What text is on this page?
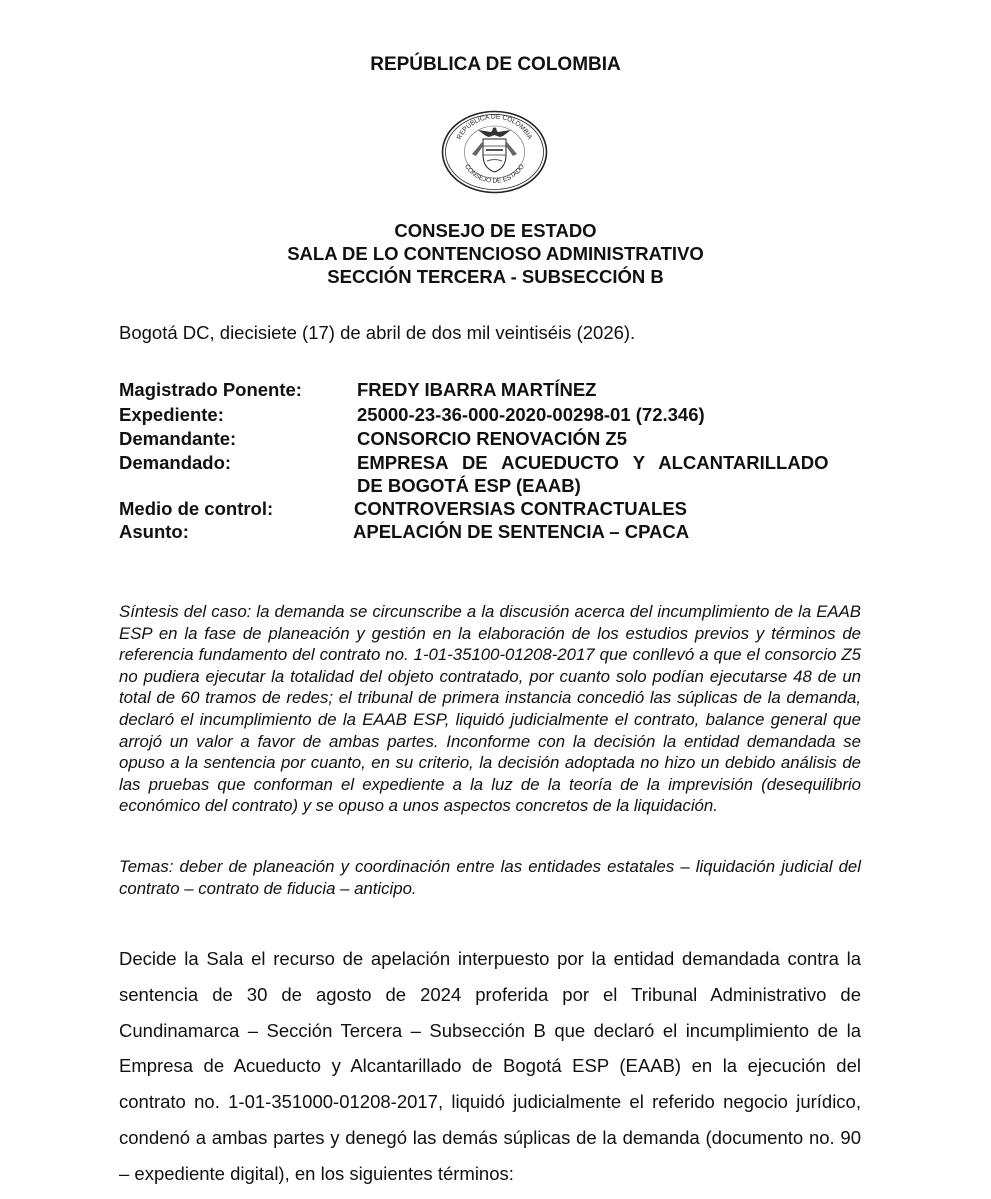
REPÚBLICA DE COLOMBIA
REPÚBLICA DE COLOMBIA
CONSEJO DE ESTADO
CONSEJO DE ESTADO
SALA DE LO CONTENCIOSO ADMINISTRATIVO
SECCIÓN TERCERA - SUBSECCIÓN B
Bogotá DC, diecisiete (17) de abril de dos mil veintiséis (2026).
Magistrado Ponente:	FREDY IBARRA MARTÍNEZ
Expediente:	25000-23-36-000-2020-00298-01 (72.346)
Demandante:	CONSORCIO RENOVACIÓN Z5
Demandado:	EMPRESA DE ACUEDUCTO Y ALCANTARILLADO
DE BOGOTÁ ESP (EAAB)
Medio de control:	CONTROVERSIAS CONTRACTUALES
Asunto:	APELACIÓN DE SENTENCIA – CPACA
Síntesis del caso: la demanda se circunscribe a la discusión acerca del incumplimiento de la EAAB ESP en la fase de planeación y gestión en la elaboración de los estudios previos y términos de referencia fundamento del contrato no. 1-01-35100-01208-2017 que conllevó a que el consorcio Z5 no pudiera ejecutar la totalidad del objeto contratado, por cuanto solo podían ejecutarse 48 de un total de 60 tramos de redes; el tribunal de primera instancia concedió las súplicas de la demanda, declaró el incumplimiento de la EAAB ESP, liquidó judicialmente el contrato, balance general que arrojó un valor a favor de ambas partes. Inconforme con la decisión la entidad demandada se opuso a la sentencia por cuanto, en su criterio, la decisión adoptada no hizo un debido análisis de las pruebas que conforman el expediente a la luz de la teoría de la imprevisión (desequilibrio económico del contrato) y se opuso a unos aspectos concretos de la liquidación.
Temas: deber de planeación y coordinación entre las entidades estatales – liquidación judicial del contrato – contrato de fiducia – anticipo.
Decide la Sala el recurso de apelación interpuesto por la entidad demandada contra la sentencia de 30 de agosto de 2024 proferida por el Tribunal Administrativo de Cundinamarca – Sección Tercera – Subsección B que declaró el incumplimiento de la Empresa de Acueducto y Alcantarillado de Bogotá ESP (EAAB) en la ejecución del contrato no. 1-01-351000-01208-2017, liquidó judicialmente el referido negocio jurídico, condenó a ambas partes y denegó las demás súplicas de la demanda (documento no. 90 – expediente digital), en los siguientes términos:
